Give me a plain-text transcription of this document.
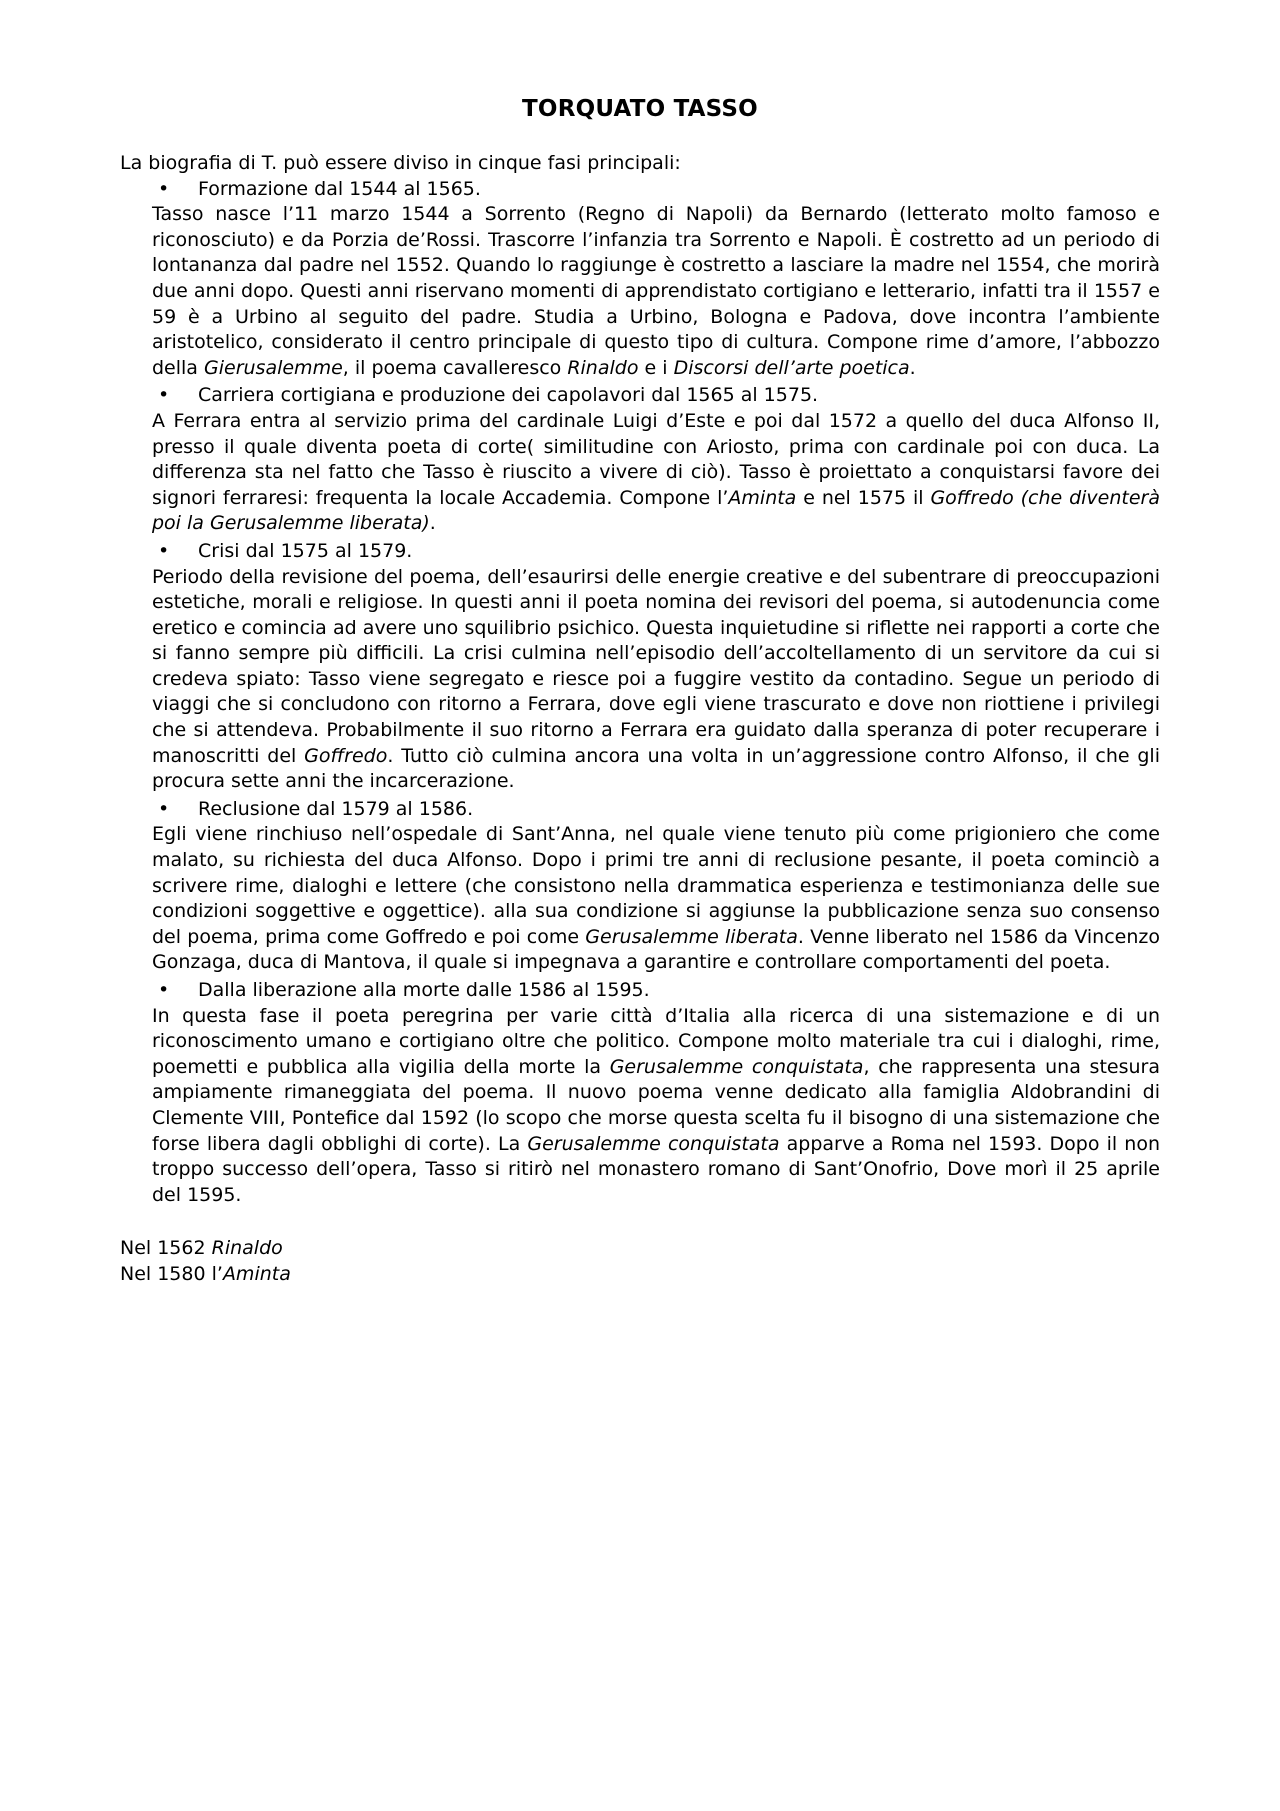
TORQUATO TASSO

La biografia di T. può essere diviso in cinque fasi principali:

• Formazione dal 1544 al 1565.

Tasso nasce l’11 marzo 1544 a Sorrento (Regno di Napoli) da Bernardo (letterato molto famoso e riconosciuto) e da Porzia de’Rossi. Trascorre l’infanzia tra Sorrento e Napoli. È costretto ad un periodo di lontananza dal padre nel 1552. Quando lo raggiunge è costretto a lasciare la madre nel 1554, che morirà due anni dopo. Questi anni riservano momenti di apprendistato cortigiano e letterario, infatti tra il 1557 e 59 è a Urbino al seguito del padre. Studia a Urbino, Bologna e Padova, dove incontra l’ambiente aristotelico, considerato il centro principale di questo tipo di cultura. Compone rime d’amore, l’abbozzo della Gierusalemme, il poema cavalleresco Rinaldo e i Discorsi dell’arte poetica.

• Carriera cortigiana e produzione dei capolavori dal 1565 al 1575.

A Ferrara entra al servizio prima del cardinale Luigi d’Este e poi dal 1572 a quello del duca Alfonso II, presso il quale diventa poeta di corte( similitudine con Ariosto, prima con cardinale poi con duca. La differenza sta nel fatto che Tasso è riuscito a vivere di ciò). Tasso è proiettato a conquistarsi favore dei signori ferraresi: frequenta la locale Accademia. Compone l’Aminta e nel 1575 il Goffredo (che diventerà poi la Gerusalemme liberata).

• Crisi dal 1575 al 1579.

Periodo della revisione del poema, dell’esaurirsi delle energie creative e del subentrare di preoccupazioni estetiche, morali e religiose. In questi anni il poeta nomina dei revisori del poema, si autodenuncia come eretico e comincia ad avere uno squilibrio psichico. Questa inquietudine si riflette nei rapporti a corte che si fanno sempre più difficili. La crisi culmina nell’episodio dell’accoltellamento di un servitore da cui si credeva spiato: Tasso viene segregato e riesce poi a fuggire vestito da contadino. Segue un periodo di viaggi che si concludono con ritorno a Ferrara, dove egli viene trascurato e dove non riottiene i privilegi che si attendeva. Probabilmente il suo ritorno a Ferrara era guidato dalla speranza di poter recuperare i manoscritti del Goffredo. Tutto ciò culmina ancora una volta in un’aggressione contro Alfonso, il che gli procura sette anni the incarcerazione.

• Reclusione dal 1579 al 1586.

Egli viene rinchiuso nell’ospedale di Sant’Anna, nel quale viene tenuto più come prigioniero che come malato, su richiesta del duca Alfonso. Dopo i primi tre anni di reclusione pesante, il poeta cominciò a scrivere rime, dialoghi e lettere (che consistono nella drammatica esperienza e testimonianza delle sue condizioni soggettive e oggettice). alla sua condizione si aggiunse la pubblicazione senza suo consenso del poema, prima come Goffredo e poi come Gerusalemme liberata. Venne liberato nel 1586 da Vincenzo Gonzaga, duca di Mantova, il quale si impegnava a garantire e controllare comportamenti del poeta.

• Dalla liberazione alla morte dalle 1586 al 1595.

In questa fase il poeta peregrina per varie città d’Italia alla ricerca di una sistemazione e di un riconoscimento umano e cortigiano oltre che politico. Compone molto materiale tra cui i dialoghi, rime, poemetti e pubblica alla vigilia della morte la Gerusalemme conquistata, che rappresenta una stesura ampiamente rimaneggiata del poema. Il nuovo poema venne dedicato alla famiglia Aldobrandini di Clemente VIII, Pontefice dal 1592 (lo scopo che morse questa scelta fu il bisogno di una sistemazione che forse libera dagli obblighi di corte). La Gerusalemme conquistata apparve a Roma nel 1593. Dopo il non troppo successo dell’opera, Tasso si ritirò nel monastero romano di Sant’Onofrio, Dove morì il 25 aprile del 1595.

Nel 1562 Rinaldo

Nel 1580 l’Aminta
